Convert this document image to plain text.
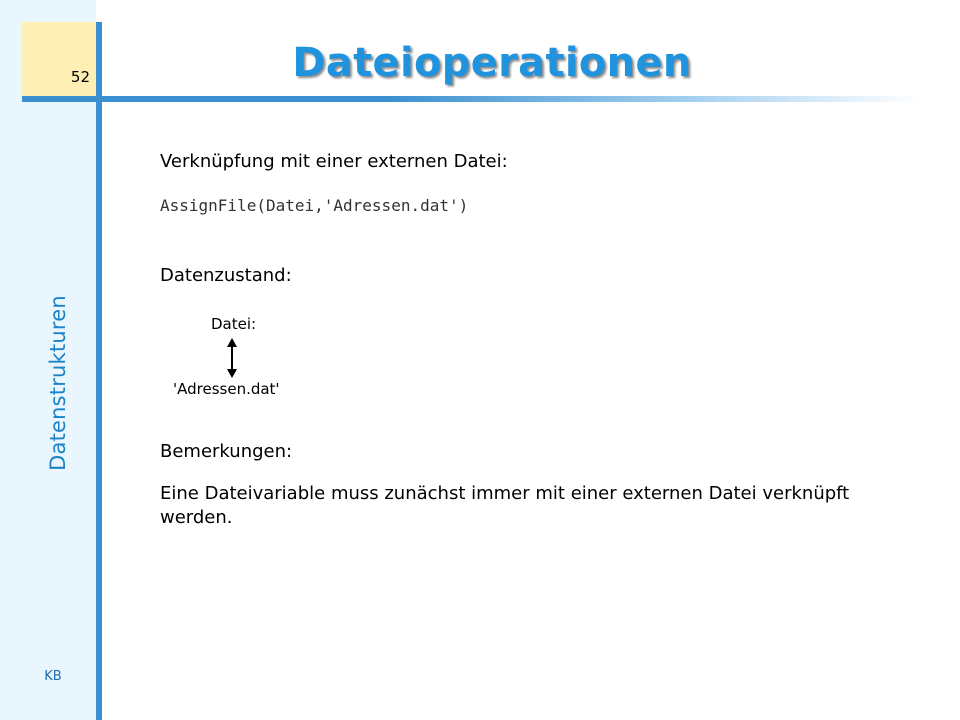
52
Datenstrukturen
KB
Dateioperationen
Verknüpfung mit einer externen Datei:
AssignFile(Datei,'Adressen.dat')
Datenzustand:
Datei:
'Adressen.dat'
Bemerkungen:
Eine Dateivariable muss zunächst immer mit einer externen Datei verknüpft werden.
